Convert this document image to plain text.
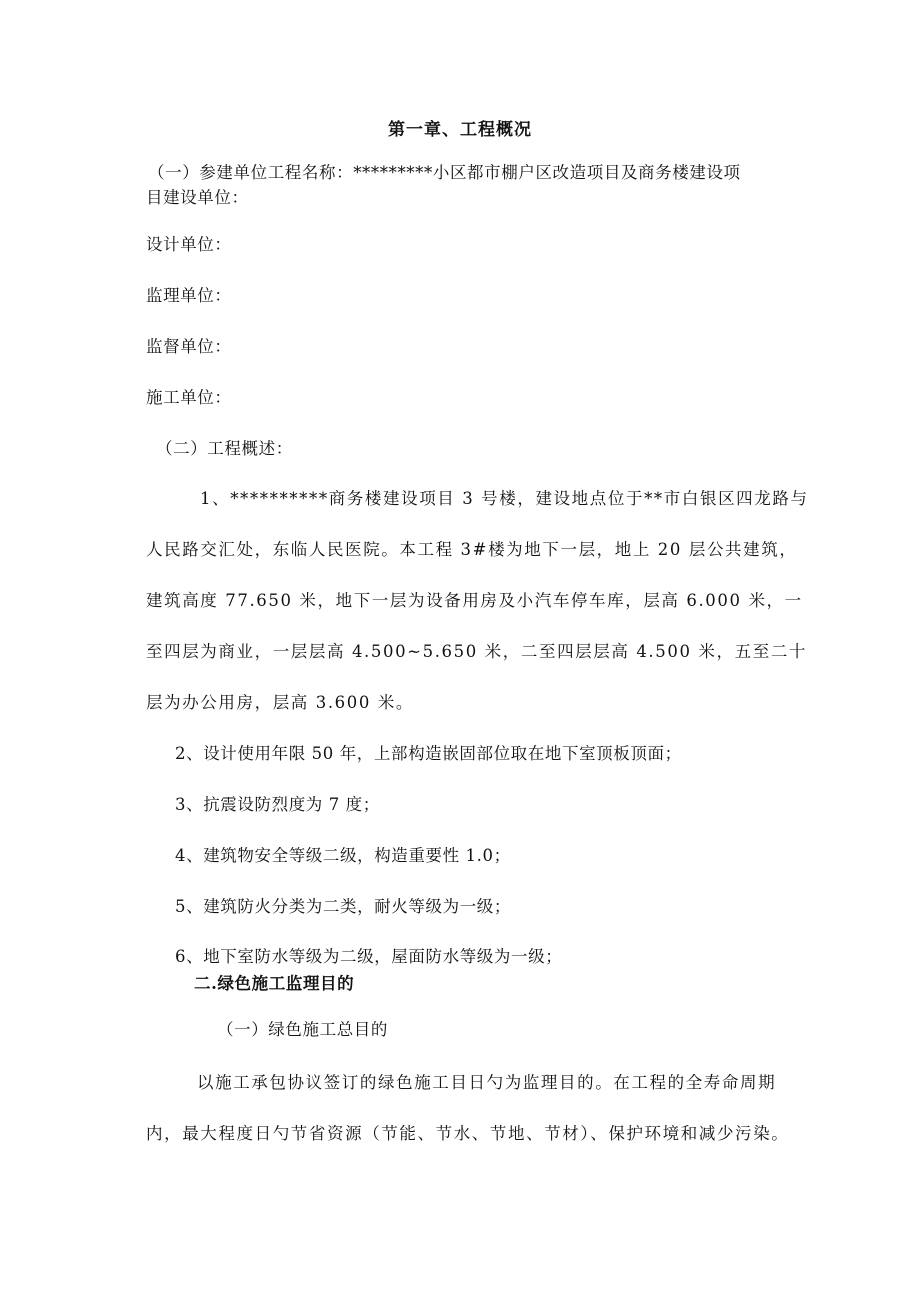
第一章、工程概况
（一）参建单位工程名称：*********小区都市棚户区改造项目及商务楼建设项
目建设单位：
设计单位：
监理单位：
监督单位：
施工单位：
（二）工程概述：
1、**********商务楼建设项目 3 号楼，建设地点位于**市白银区四龙路与
人民路交汇处，东临人民医院。本工程 3#楼为地下一层，地上 20 层公共建筑，
建筑高度 77.650 米，地下一层为设备用房及小汽车停车库，层高 6.000 米，一
至四层为商业，一层层高 4.500~5.650 米，二至四层层高 4.500 米，五至二十
层为办公用房，层高 3.600 米。
2、设计使用年限 50 年，上部构造嵌固部位取在地下室顶板顶面；
3、抗震设防烈度为 7 度；
4、建筑物安全等级二级，构造重要性 1.0；
5、建筑防火分类为二类，耐火等级为一级；
6、地下室防水等级为二级，屋面防水等级为一级；
二.绿色施工监理目的
（一）绿色施工总目的
以施工承包协议签订的绿色施工目日勺为监理目的。在工程的全寿命周期
内，最大程度日勺节省资源（节能、节水、节地、节材）、保护环境和减少污染。
